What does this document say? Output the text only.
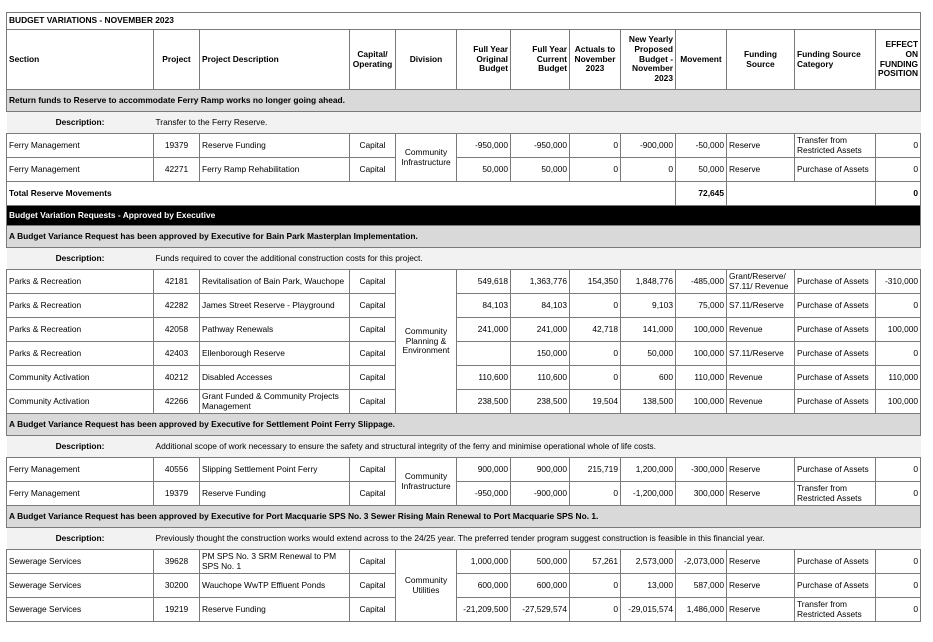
BUDGET VARIATIONS - NOVEMBER 2023												
Section	Project	Project Description	Capital/ Operating	Division	Full Year Original Budget	Full Year Current Budget	Actuals to November 2023	New Yearly Proposed Budget - November 2023	Movement	Funding Source	Funding Source Category	EFFECT ON FUNDING POSITION
Return funds to Reserve to accommodate Ferry Ramp works no longer going ahead.												
Description:	Transfer to the Ferry Reserve.											
Ferry Management	19379	Reserve Funding	Capital	Community Infrastructure	-950,000	-950,000	0	-900,000	-50,000	Reserve	Transfer from Restricted Assets	0
Ferry Management	42271	Ferry Ramp Rehabilitation	Capital		50,000	50,000	0	0	50,000	Reserve	Purchase of Assets	0
Total Reserve Movements									72,645			0
Budget Variation Requests - Approved by Executive												
A Budget Variance Request has been approved by Executive for Bain Park Masterplan Implementation.												
Description:	Funds required to cover the additional construction costs for this project.											
Parks & Recreation	42181	Revitalisation of Bain Park, Wauchope	Capital	Community Planning & Environment	549,618	1,363,776	154,350	1,848,776	-485,000	Grant/Reserve/ S7.11/ Revenue	Purchase of Assets	-310,000
Parks & Recreation	42282	James Street Reserve - Playground	Capital		84,103	84,103	0	9,103	75,000	S7.11/Reserve	Purchase of Assets	0
Parks & Recreation	42058	Pathway Renewals	Capital		241,000	241,000	42,718	141,000	100,000	Revenue	Purchase of Assets	100,000
Parks & Recreation	42403	Ellenborough Reserve	Capital			150,000	0	50,000	100,000	S7.11/Reserve	Purchase of Assets	0
Community Activation	40212	Disabled Accesses	Capital		110,600	110,600	0	600	110,000	Revenue	Purchase of Assets	110,000
Community Activation	42266	Grant Funded & Community Projects Management	Capital		238,500	238,500	19,504	138,500	100,000	Revenue	Purchase of Assets	100,000
A Budget Variance Request has been approved by Executive for Settlement Point Ferry Slippage.												
Description:	Additional scope of work necessary to ensure the safety and structural integrity of the ferry and minimise operational whole of life costs.											
Ferry Management	40556	Slipping Settlement Point Ferry	Capital	Community Infrastructure	900,000	900,000	215,719	1,200,000	-300,000	Reserve	Purchase of Assets	0
Ferry Management	19379	Reserve Funding	Capital		-950,000	-900,000	0	-1,200,000	300,000	Reserve	Transfer from Restricted Assets	0
A Budget Variance Request has been approved by Executive for Port Macquarie SPS No. 3 Sewer Rising Main Renewal to Port Macquarie SPS No. 1.												
Description:	Previously thought the construction works would extend across to the 24/25 year. The preferred tender program suggest construction is feasible in this financial year.											
Sewerage Services	39628	PM SPS No. 3 SRM Renewal to PM SPS No. 1	Capital	Community Utilities	1,000,000	500,000	57,261	2,573,000	-2,073,000	Reserve	Purchase of Assets	0
Sewerage Services	30200	Wauchope WwTP Effluent Ponds	Capital		600,000	600,000	0	13,000	587,000	Reserve	Purchase of Assets	0
Sewerage Services	19219	Reserve Funding	Capital		-21,209,500	-27,529,574	0	-29,015,574	1,486,000	Reserve	Transfer from Restricted Assets	0
